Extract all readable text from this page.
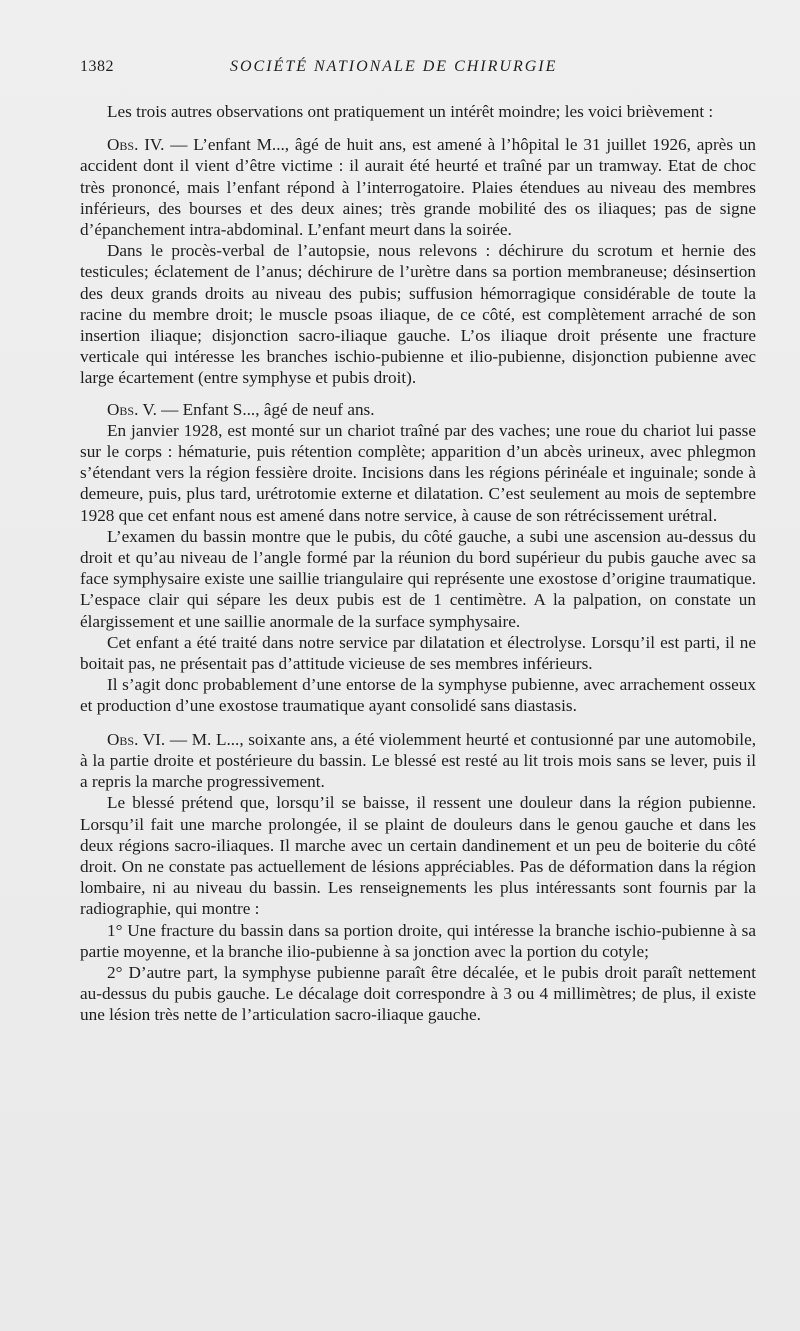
1382	SOCIÉTÉ NATIONALE DE CHIRURGIE

Les trois autres observations ont pratiquement un intérêt moindre; les voici brièvement :

Obs. IV. — L’enfant M..., âgé de huit ans, est amené à l’hôpital le 31 juillet 1926, après un accident dont il vient d’être victime : il aurait été heurté et traîné par un tramway. Etat de choc très prononcé, mais l’enfant répond à l’interrogatoire. Plaies étendues au niveau des membres inférieurs, des bourses et des deux aines; très grande mobilité des os iliaques; pas de signe d’épanchement intra-abdominal. L’enfant meurt dans la soirée.

Dans le procès-verbal de l’autopsie, nous relevons : déchirure du scrotum et hernie des testicules; éclatement de l’anus; déchirure de l’urètre dans sa portion membraneuse; désinsertion des deux grands droits au niveau des pubis; suffusion hémorragique considérable de toute la racine du membre droit; le muscle psoas iliaque, de ce côté, est complètement arraché de son insertion iliaque; disjonction sacro-iliaque gauche. L’os iliaque droit présente une fracture verticale qui intéresse les branches ischio-pubienne et ilio-pubienne, disjonction pubienne avec large écartement (entre symphyse et pubis droit).

Obs. V. — Enfant S..., âgé de neuf ans.

En janvier 1928, est monté sur un chariot traîné par des vaches; une roue du chariot lui passe sur le corps : hématurie, puis rétention complète; apparition d’un abcès urineux, avec phlegmon s’étendant vers la région fessière droite. Incisions dans les régions périnéale et inguinale; sonde à demeure, puis, plus tard, urétrotomie externe et dilatation. C’est seulement au mois de septembre 1928 que cet enfant nous est amené dans notre service, à cause de son rétrécissement urétral.

L’examen du bassin montre que le pubis, du côté gauche, a subi une ascension au-dessus du droit et qu’au niveau de l’angle formé par la réunion du bord supérieur du pubis gauche avec sa face symphysaire existe une saillie triangulaire qui représente une exostose d’origine traumatique. L’espace clair qui sépare les deux pubis est de 1 centimètre. A la palpation, on constate un élargissement et une saillie anormale de la surface symphysaire.

Cet enfant a été traité dans notre service par dilatation et électrolyse. Lorsqu’il est parti, il ne boitait pas, ne présentait pas d’attitude vicieuse de ses membres inférieurs.

Il s’agit donc probablement d’une entorse de la symphyse pubienne, avec arrachement osseux et production d’une exostose traumatique ayant consolidé sans diastasis.

Obs. VI. — M. L..., soixante ans, a été violemment heurté et contusionné par une automobile, à la partie droite et postérieure du bassin. Le blessé est resté au lit trois mois sans se lever, puis il a repris la marche progressivement.

Le blessé prétend que, lorsqu’il se baisse, il ressent une douleur dans la région pubienne. Lorsqu’il fait une marche prolongée, il se plaint de douleurs dans le genou gauche et dans les deux régions sacro-iliaques. Il marche avec un certain dandinement et un peu de boiterie du côté droit. On ne constate pas actuellement de lésions appréciables. Pas de déformation dans la région lombaire, ni au niveau du bassin. Les renseignements les plus intéressants sont fournis par la radiographie, qui montre :

1° Une fracture du bassin dans sa portion droite, qui intéresse la branche ischio-pubienne à sa partie moyenne, et la branche ilio-pubienne à sa jonction avec la portion du cotyle;

2° D’autre part, la symphyse pubienne paraît être décalée, et le pubis droit paraît nettement au-dessus du pubis gauche. Le décalage doit correspondre à 3 ou 4 millimètres; de plus, il existe une lésion très nette de l’articulation sacro-iliaque gauche.
